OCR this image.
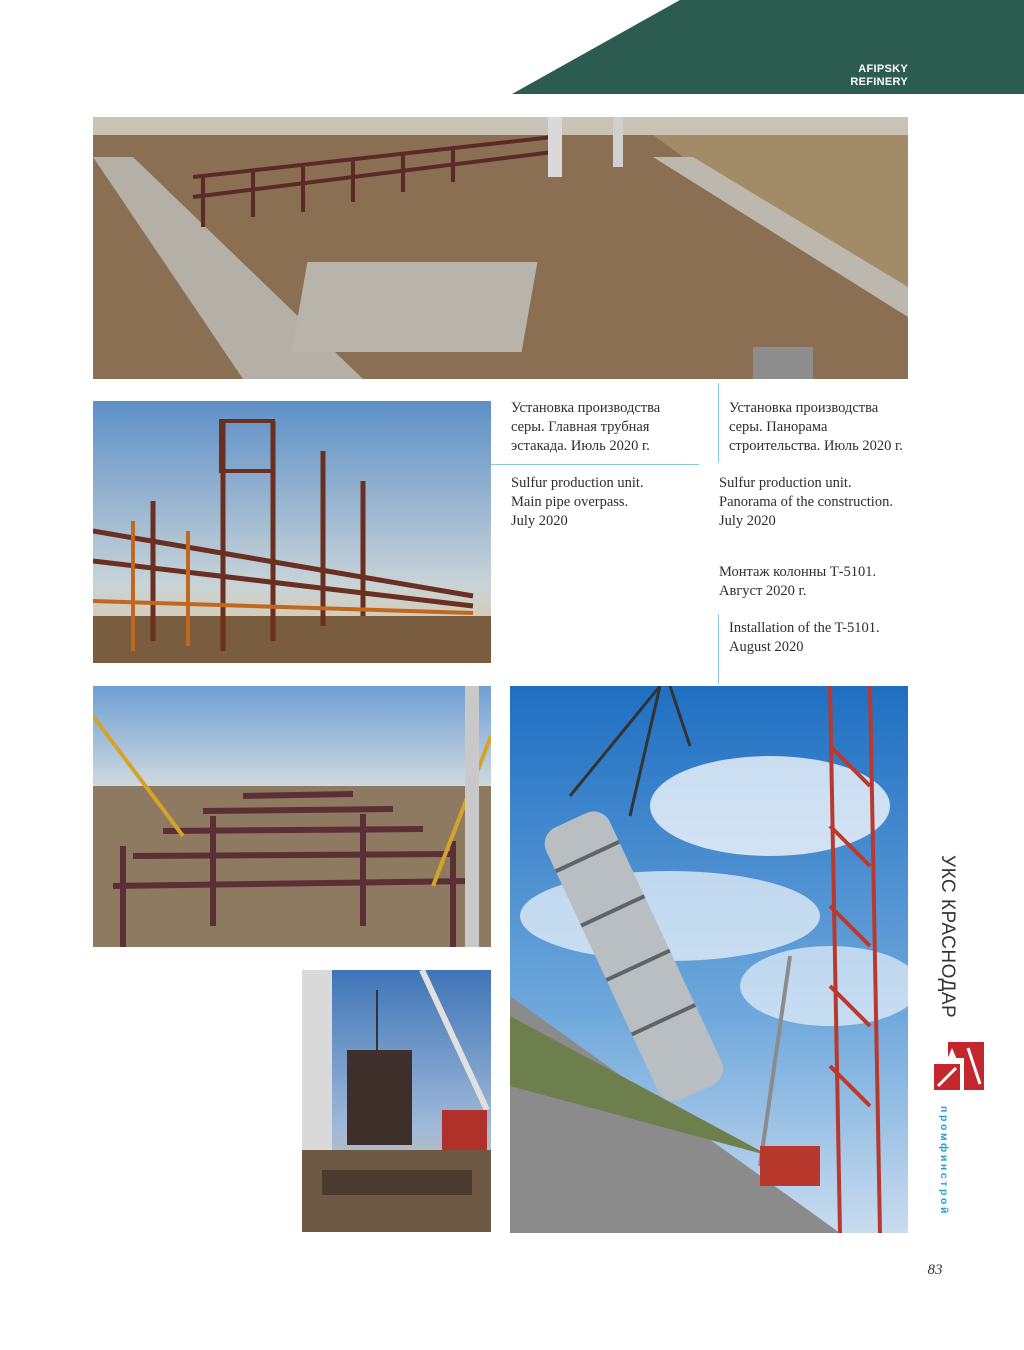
AFIPSKY
REFINERY
Установка производства
серы. Главная трубная
эстакада. Июль 2020 г.
Sulfur production unit.
Main pipe overpass.
July 2020
Установка производства
серы. Панорама
строительства. Июль 2020 г.
Sulfur production unit.
Panorama of the construction.
July 2020
Монтаж колонны Т-5101.
Август 2020 г.
Installation of the T-5101.
August 2020
УКС КРАСНОДАР
промфинстрой
83
